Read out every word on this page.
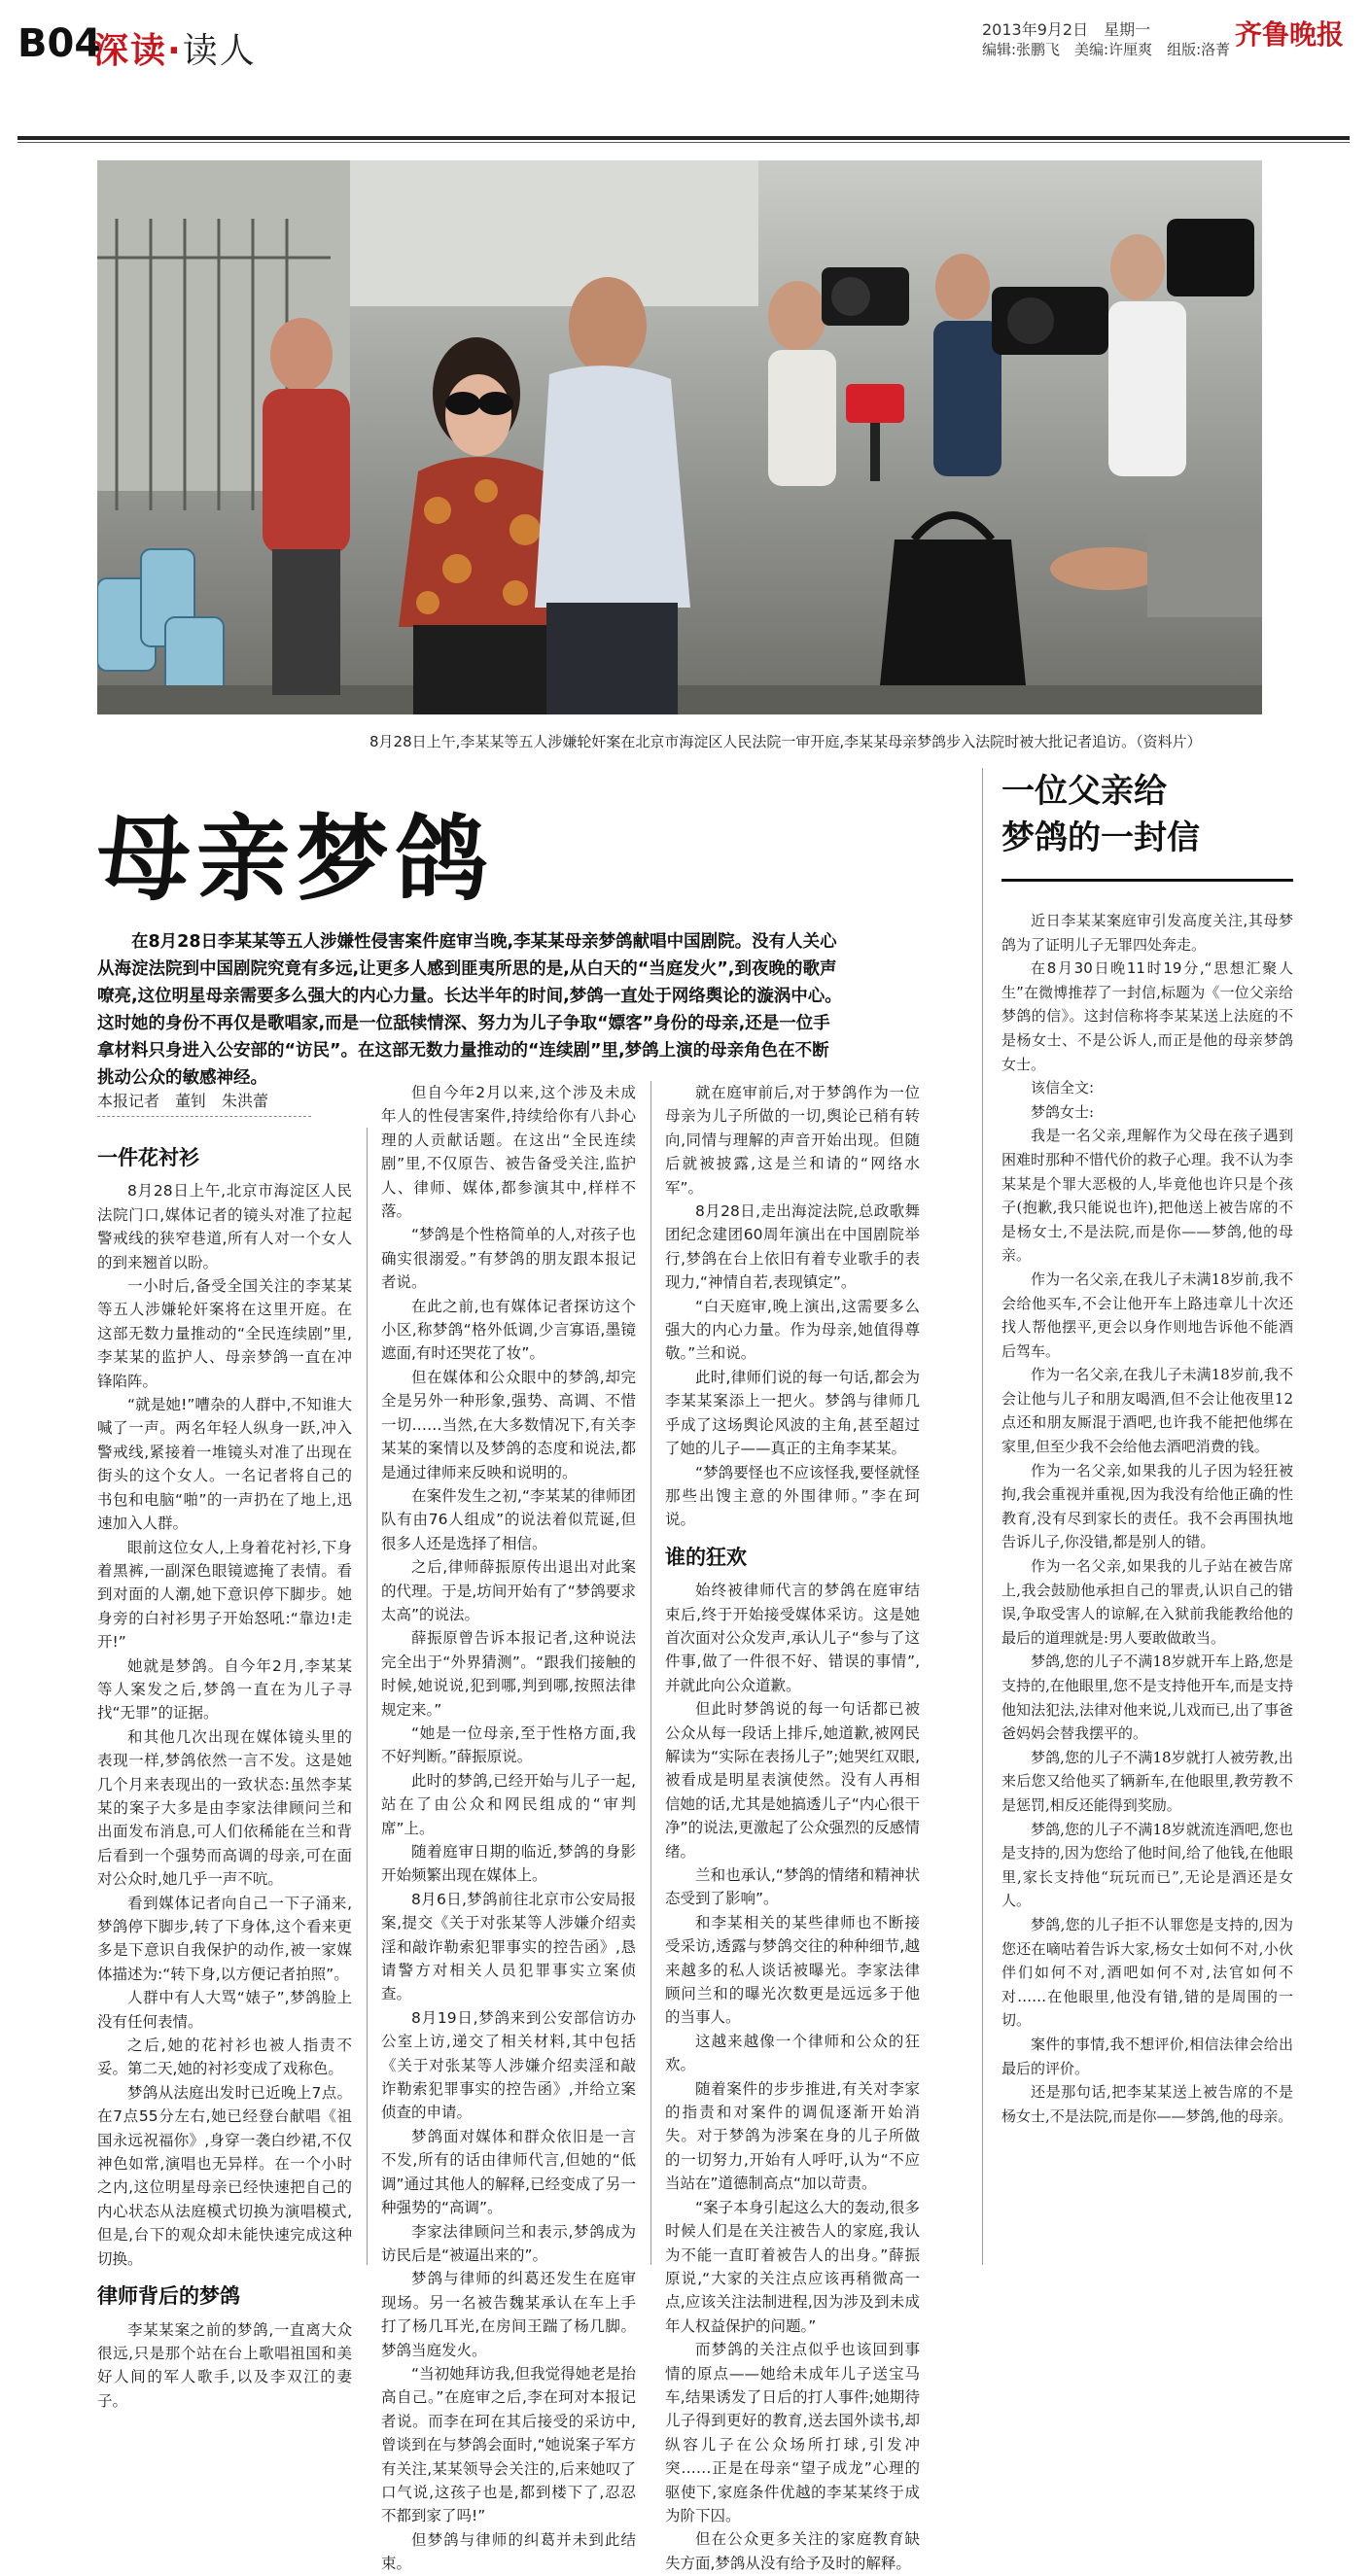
B04
深读·读人
2013年9月2日　星期一
编辑:张鹏飞　美编:许厘爽　组版:洛菁 齐鲁晚报
8月28日上午,李某某等五人涉嫌轮奸案在北京市海淀区人民法院一审开庭,李某某母亲梦鸽步入法院时被大批记者追访。（资料片）
母亲梦鸽

在8月28日李某某等五人涉嫌性侵害案件庭审当晚,李某某母亲梦鸽献唱中国剧院。没有人关心从海淀法院到中国剧院究竟有多远,让更多人感到匪夷所思的是,从白天的“当庭发火”,到夜晚的歌声嘹亮,这位明星母亲需要多么强大的内心力量。长达半年的时间,梦鸽一直处于网络舆论的漩涡中心。这时她的身份不再仅是歌唱家,而是一位舐犊情深、努力为儿子争取“嫖客”身份的母亲,还是一位手拿材料只身进入公安部的“访民”。在这部无数力量推动的“连续剧”里,梦鸽上演的母亲角色在不断挑动公众的敏感神经。

本报记者　董钊　朱洪蕾
一件花衬衫

8月28日上午,北京市海淀区人民法院门口,媒体记者的镜头对准了拉起警戒线的狭窄巷道,所有人对一个女人的到来翘首以盼。

一小时后,备受全国关注的李某某等五人涉嫌轮奸案将在这里开庭。在这部无数力量推动的“全民连续剧”里,李某某的监护人、母亲梦鸽一直在冲锋陷阵。

“就是她!”嘈杂的人群中,不知谁大喊了一声。两名年轻人纵身一跃,冲入警戒线,紧接着一堆镜头对准了出现在街头的这个女人。一名记者将自己的书包和电脑“啪”的一声扔在了地上,迅速加入人群。

眼前这位女人,上身着花衬衫,下身着黑裤,一副深色眼镜遮掩了表情。看到对面的人潮,她下意识停下脚步。她身旁的白衬衫男子开始怒吼:“靠边!走开!”

她就是梦鸽。自今年2月,李某某等人案发之后,梦鸽一直在为儿子寻找“无罪”的证据。

和其他几次出现在媒体镜头里的表现一样,梦鸽依然一言不发。这是她几个月来表现出的一致状态:虽然李某某的案子大多是由李家法律顾问兰和出面发布消息,可人们依稀能在兰和背后看到一个强势而高调的母亲,可在面对公众时,她几乎一声不吭。

看到媒体记者向自己一下子涌来,梦鸽停下脚步,转了下身体,这个看来更多是下意识自我保护的动作,被一家媒体描述为:“转下身,以方便记者拍照”。

人群中有人大骂“婊子”,梦鸽脸上没有任何表情。

之后,她的花衬衫也被人指责不妥。第二天,她的衬衫变成了戏称色。

梦鸽从法庭出发时已近晚上7点。在7点55分左右,她已经登台献唱《祖国永远祝福你》,身穿一袭白纱裙,不仅神色如常,演唱也无异样。在一个小时之内,这位明星母亲已经快速把自己的内心状态从法庭模式切换为演唱模式,但是,台下的观众却未能快速完成这种切换。

律师背后的梦鸽

李某某案之前的梦鸽,一直离大众很远,只是那个站在台上歌唱祖国和美好人间的军人歌手,以及李双江的妻子。

但自今年2月以来,这个涉及未成年人的性侵害案件,持续给你有八卦心理的人贡献话题。在这出“全民连续剧”里,不仅原告、被告备受关注,监护人、律师、媒体,都参演其中,样样不落。

“梦鸽是个性格简单的人,对孩子也确实很溺爱。”有梦鸽的朋友跟本报记者说。

在此之前,也有媒体记者探访这个小区,称梦鸽“格外低调,少言寡语,墨镜遮面,有时还哭花了妆”。

但在媒体和公众眼中的梦鸽,却完全是另外一种形象,强势、高调、不惜一切……当然,在大多数情况下,有关李某某的案情以及梦鸽的态度和说法,都是通过律师来反映和说明的。

在案件发生之初,“李某某的律师团队有由76人组成”的说法着似荒诞,但很多人还是选择了相信。

之后,律师薛振原传出退出对此案的代理。于是,坊间开始有了“梦鸽要求太高”的说法。

薛振原曾告诉本报记者,这种说法完全出于“外界猜测”。“跟我们接触的时候,她说说,犯到哪,判到哪,按照法律规定来。”

“她是一位母亲,至于性格方面,我不好判断。”薛振原说。

此时的梦鸽,已经开始与儿子一起,站在了由公众和网民组成的“审判席”上。

随着庭审日期的临近,梦鸽的身影开始频繁出现在媒体上。

8月6日,梦鸽前往北京市公安局报案,提交《关于对张某等人涉嫌介绍卖淫和敲诈勒索犯罪事实的控告函》,恳请警方对相关人员犯罪事实立案侦查。

8月19日,梦鸽来到公安部信访办公室上访,递交了相关材料,其中包括《关于对张某等人涉嫌介绍卖淫和敲诈勒索犯罪事实的控告函》,并给立案侦查的申请。

梦鸽面对媒体和群众依旧是一言不发,所有的话由律师代言,但她的“低调”通过其他人的解释,已经变成了另一种强势的“高调”。

李家法律顾问兰和表示,梦鸽成为访民后是“被逼出来的”。

梦鸽与律师的纠葛还发生在庭审现场。另一名被告魏某承认在车上手打了杨几耳光,在房间王踹了杨几脚。梦鸽当庭发火。

“当初她拜访我,但我觉得她老是抬高自己。”在庭审之后,李在珂对本报记者说。而李在珂在其后接受的采访中,曾谈到在与梦鸽会面时,“她说案子军方有关注,某某领导会关注的,后来她叹了口气说,这孩子也是,都到楼下了,忍忍不都到家了吗!”

但梦鸽与律师的纠葛并未到此结束。

就在庭审前后,对于梦鸽作为一位母亲为儿子所做的一切,舆论已稍有转向,同情与理解的声音开始出现。但随后就被披露,这是兰和请的“网络水军”。

8月28日,走出海淀法院,总政歌舞团纪念建团60周年演出在中国剧院举行,梦鸽在台上依旧有着专业歌手的表现力,“神情自若,表现镇定”。

“白天庭审,晚上演出,这需要多么强大的内心力量。作为母亲,她值得尊敬。”兰和说。

此时,律师们说的每一句话,都会为李某某案添上一把火。梦鸽与律师几乎成了这场舆论风波的主角,甚至超过了她的儿子——真正的主角李某某。

“梦鸽要怪也不应该怪我,要怪就怪那些出馊主意的外围律师。”李在珂说。

谁的狂欢

始终被律师代言的梦鸽在庭审结束后,终于开始接受媒体采访。这是她首次面对公众发声,承认儿子“参与了这件事,做了一件很不好、错误的事情”,并就此向公众道歉。

但此时梦鸽说的每一句话都已被公众从每一段话上排斥,她道歉,被网民解读为“实际在表扬儿子”;她哭红双眼,被看成是明星表演使然。没有人再相信她的话,尤其是她搞透儿子“内心很干净”的说法,更激起了公众强烈的反感情绪。

兰和也承认,“梦鸽的情绪和精神状态受到了影响”。

和李某相关的某些律师也不断接受采访,透露与梦鸽交往的种种细节,越来越多的私人谈话被曝光。李家法律顾问兰和的曝光次数更是远远多于他的当事人。

这越来越像一个律师和公众的狂欢。

随着案件的步步推进,有关对李家的指责和对案件的调侃逐渐开始消失。对于梦鸽为涉案在身的儿子所做的一切努力,开始有人呼吁,认为“不应当站在”道德制高点“加以苛责。

“案子本身引起这么大的轰动,很多时候人们是在关注被告人的家庭,我认为不能一直盯着被告人的出身。”薛振原说,“大家的关注点应该再稍微高一点,应该关注法制进程,因为涉及到未成年人权益保护的问题。”

而梦鸽的关注点似乎也该回到事情的原点——她给未成年儿子送宝马车,结果诱发了日后的打人事件;她期待儿子得到更好的教育,送去国外读书,却纵容儿子在公众场所打球,引发冲突……正是在母亲“望子成龙”心理的驱使下,家庭条件优越的李某某终于成为阶下囚。

但在公众更多关注的家庭教育缺失方面,梦鸽从没有给予及时的解释。

一位父亲给
梦鸽的一封信

近日李某某案庭审引发高度关注,其母梦鸽为了证明儿子无罪四处奔走。

在8月30日晚11时19分,“思想汇聚人生”在微博推荐了一封信,标题为《一位父亲给梦鸽的信》。这封信称将李某某送上法庭的不是杨女士、不是公诉人,而正是他的母亲梦鸽女士。

该信全文:

梦鸽女士:

我是一名父亲,理解作为父母在孩子遇到困难时那种不惜代价的救子心理。我不认为李某某是个罪大恶极的人,毕竟他也许只是个孩子(抱歉,我只能说也许),把他送上被告席的不是杨女士,不是法院,而是你——梦鸽,他的母亲。

作为一名父亲,在我儿子未满18岁前,我不会给他买车,不会让他开车上路违章儿十次还找人帮他摆平,更会以身作则地告诉他不能酒后驾车。

作为一名父亲,在我儿子未满18岁前,我不会让他与儿子和朋友喝酒,但不会让他夜里12点还和朋友厮混于酒吧,也许我不能把他绑在家里,但至少我不会给他去酒吧消费的钱。

作为一名父亲,如果我的儿子因为轻狂被拘,我会重视并重视,因为我没有给他正确的性教育,没有尽到家长的责任。我不会再围执地告诉儿子,你没错,都是别人的错。

作为一名父亲,如果我的儿子站在被告席上,我会鼓励他承担自己的罪责,认识自己的错误,争取受害人的谅解,在入狱前我能教给他的最后的道理就是:男人要敢做敢当。

梦鸽,您的儿子不满18岁就开车上路,您是支持的,在他眼里,您不是支持他开车,而是支持他知法犯法,法律对他来说,儿戏而已,出了事爸爸妈妈会替我摆平的。

梦鸽,您的儿子不满18岁就打人被劳教,出来后您又给他买了辆新车,在他眼里,教劳教不是惩罚,相反还能得到奖励。

梦鸽,您的儿子不满18岁就流连酒吧,您也是支持的,因为您给了他时间,给了他钱,在他眼里,家长支持他“玩玩而已”,无论是酒还是女人。

梦鸽,您的儿子拒不认罪您是支持的,因为您还在嘀咕着告诉大家,杨女士如何不对,小伙伴们如何不对,酒吧如何不对,法官如何不对……在他眼里,他没有错,错的是周围的一切。

案件的事情,我不想评价,相信法律会给出最后的评价。

还是那句话,把李某某送上被告席的不是杨女士,不是法院,而是你——梦鸽,他的母亲。
